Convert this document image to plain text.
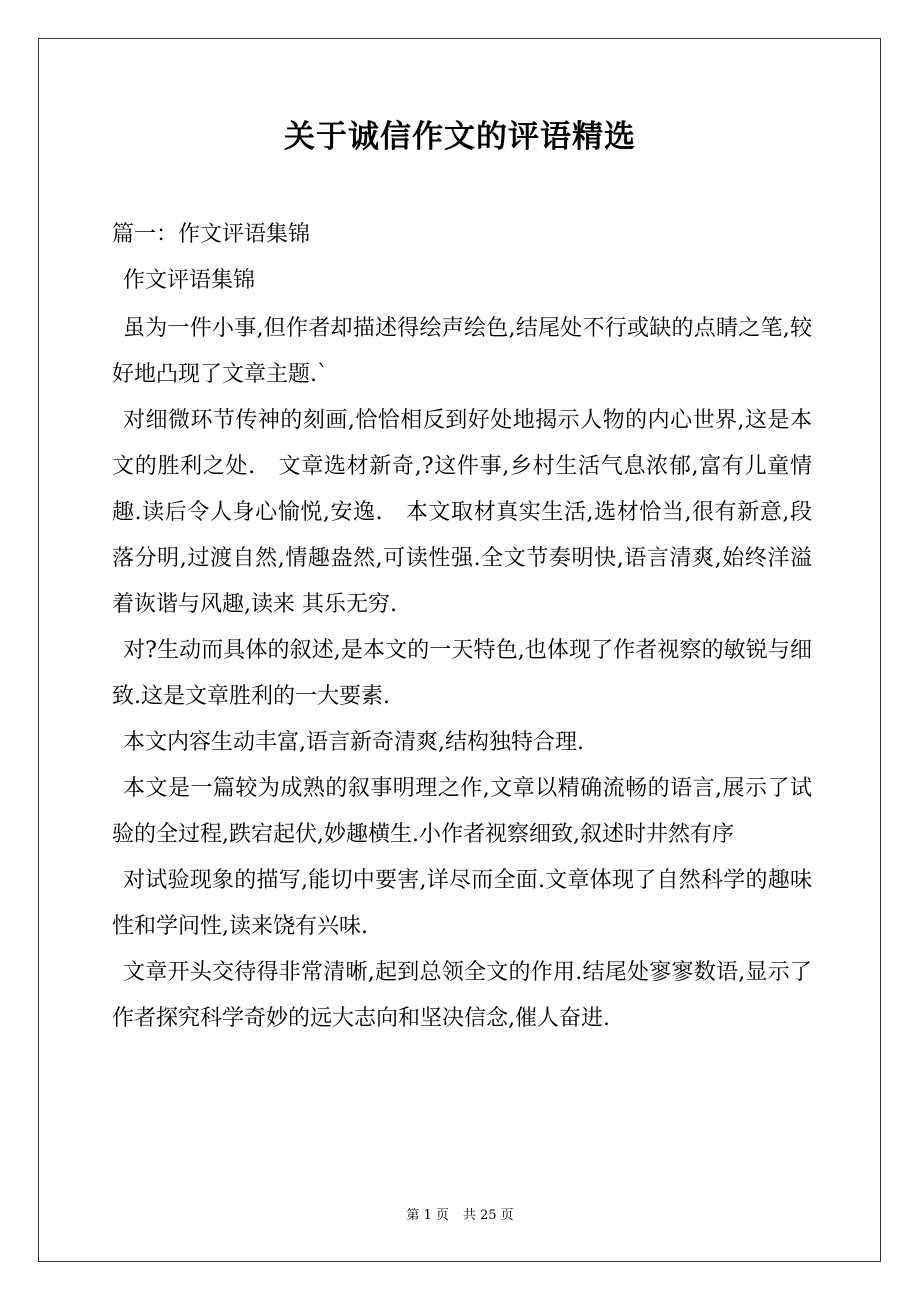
关于诚信作文的评语精选

篇一：作文评语集锦

作文评语集锦

虽为一件小事,但作者却描述得绘声绘色,结尾处不行或缺的点睛之笔,较好地凸现了文章主题.`

对细微环节传神的刻画,恰恰相反到好处地揭示人物的内心世界,这是本文的胜利之处.　文章选材新奇,?这件事,乡村生活气息浓郁,富有儿童情趣.读后令人身心愉悦,安逸.　本文取材真实生活,选材恰当,很有新意,段落分明,过渡自然,情趣盎然,可读性强.全文节奏明快,语言清爽,始终洋溢着诙谐与风趣,读来 其乐无穷.

对?生动而具体的叙述,是本文的一天特色,也体现了作者视察的敏锐与细致.这是文章胜利的一大要素.

本文内容生动丰富,语言新奇清爽,结构独特合理.

本文是一篇较为成熟的叙事明理之作,文章以精确流畅的语言,展示了试验的全过程,跌宕起伏,妙趣横生.小作者视察细致,叙述时井然有序

对试验现象的描写,能切中要害,详尽而全面.文章体现了自然科学的趣味性和学问性,读来饶有兴味.

文章开头交待得非常清晰,起到总领全文的作用.结尾处寥寥数语,显示了作者探究科学奇妙的远大志向和坚决信念,催人奋进.

第 1 页 共 25 页
